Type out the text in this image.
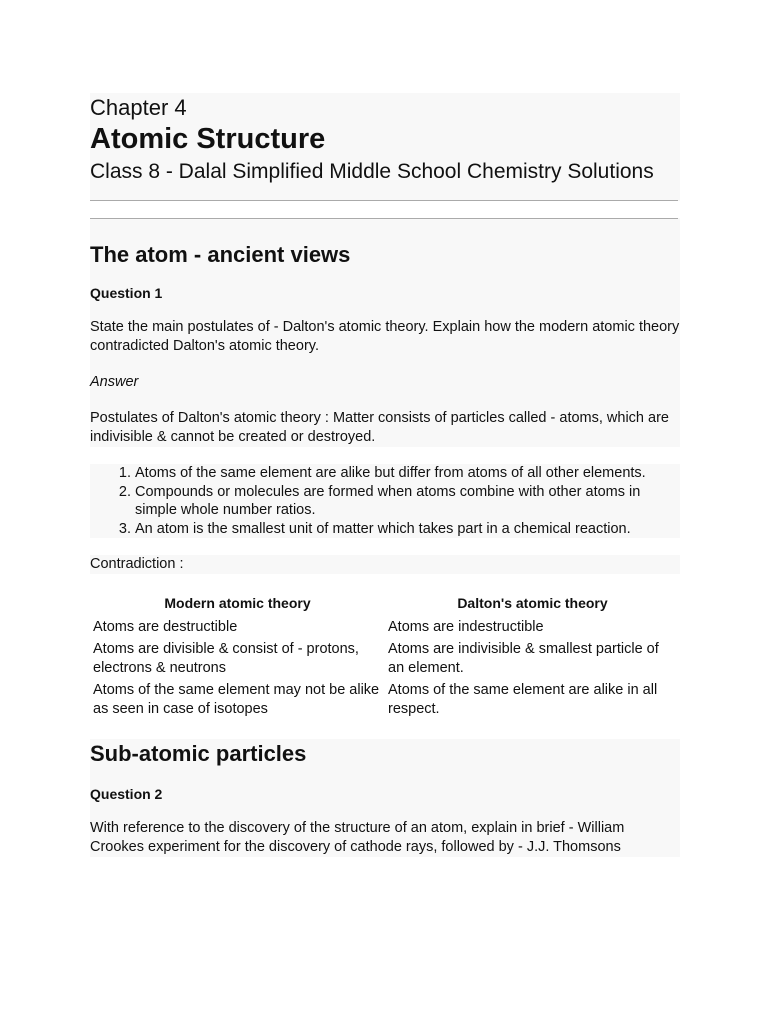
Chapter 4

Atomic Structure

Class 8 - Dalal Simplified Middle School Chemistry Solutions

The atom - ancient views

Question 1

State the main postulates of - Dalton's atomic theory. Explain how the modern atomic theory contradicted Dalton's atomic theory.

Answer

Postulates of Dalton's atomic theory : Matter consists of particles called - atoms, which are indivisible & cannot be created or destroyed.

1. Atoms of the same element are alike but differ from atoms of all other elements.
2. Compounds or molecules are formed when atoms combine with other atoms in simple whole number ratios.
3. An atom is the smallest unit of matter which takes part in a chemical reaction.
Contradiction :
Modern atomic theory	Dalton's atomic theory
Atoms are destructible	Atoms are indestructible
Atoms are divisible & consist of - protons, electrons & neutrons	Atoms are indivisible & smallest particle of an element.
Atoms of the same element may not be alike as seen in case of isotopes	Atoms of the same element are alike in all respect.
Sub-atomic particles

Question 2

With reference to the discovery of the structure of an atom, explain in brief - William Crookes experiment for the discovery of cathode rays, followed by - J.J. Thomsons
